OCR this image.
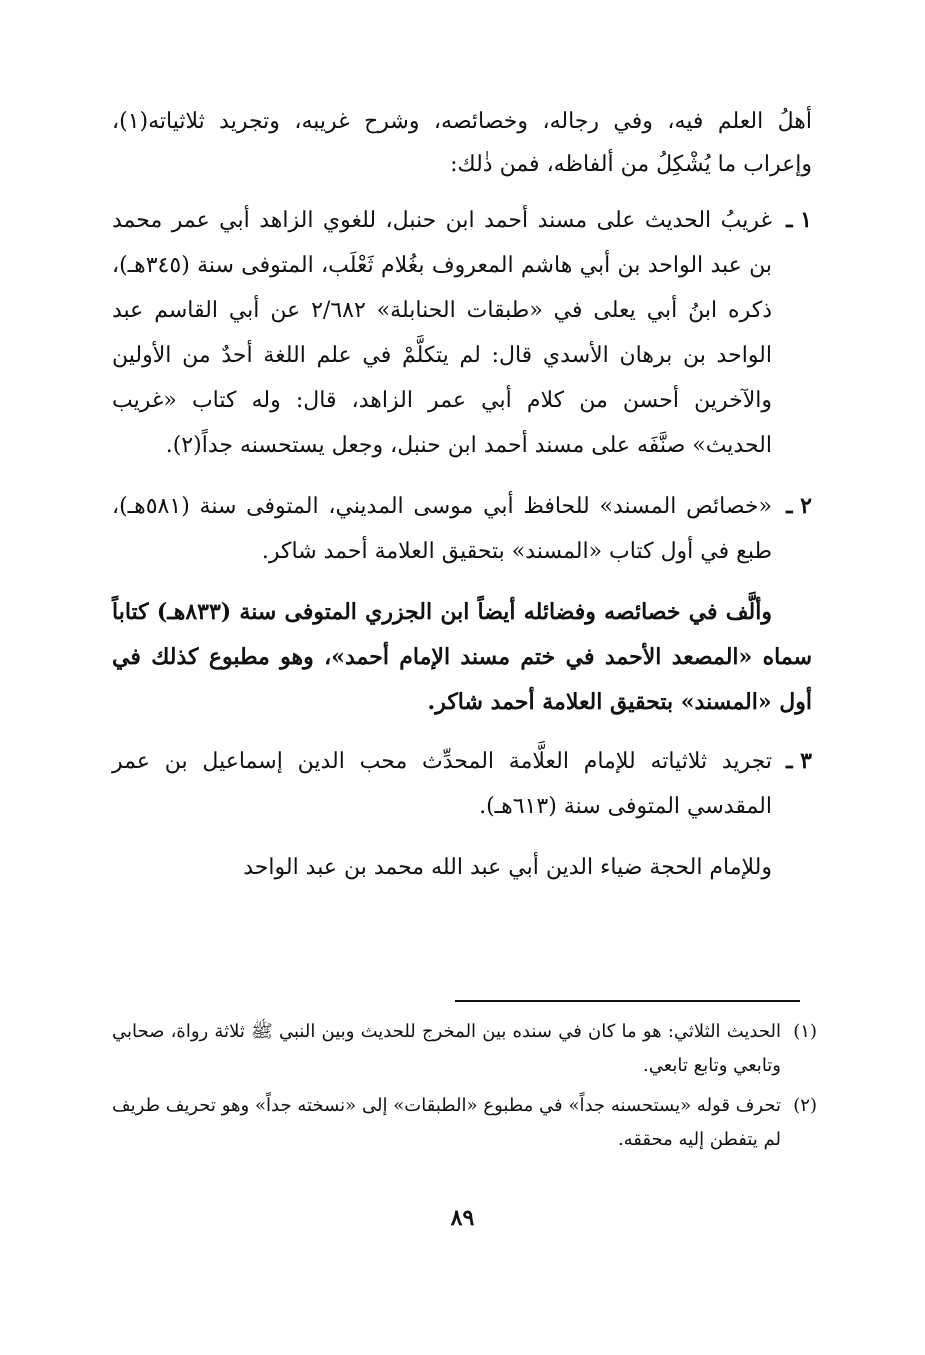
أهلُ العلم فيه، وفي رجاله، وخصائصه، وشرح غريبه، وتجريد ثلاثياته(١)، وإعراب ما يُشْكِلُ من ألفاظه، فمن ذٰلك:

١ ـ
غريبُ الحديث على مسند أحمد ابن حنبل، للغوي الزاهد أبي عمر محمد بن عبد الواحد بن أبي هاشم المعروف بغُلام ثَعْلَب، المتوفى سنة (٣٤٥هـ)، ذكره ابنُ أبي يعلى في «طبقات الحنابلة» ٢/٦٨٢ عن أبي القاسم عبد الواحد بن برهان الأسدي قال: لم يتكلَّمْ في علم اللغة أحدٌ من الأولين والآخرين أحسن من كلام أبي عمر الزاهد، قال: وله كتاب «غريب الحديث» صنَّفَه على مسند أحمد ابن حنبل، وجعل يستحسنه جداً(٢).
٢ ـ
«خصائص المسند» للحافظ أبي موسى المديني، المتوفى سنة (٥٨١هـ)، طبع في أول كتاب «المسند» بتحقيق العلامة أحمد شاكر.

وألَّف في خصائصه وفضائله أيضاً ابن الجزري المتوفى سنة (٨٣٣هـ) كتاباً سماه «المصعد الأحمد في ختم مسند الإمام أحمد»، وهو مطبوع كذلك في أول «المسند» بتحقيق العلامة أحمد شاكر.

٣ ـ
تجريد ثلاثياته للإمام العلَّامة المحدِّث محب الدين إسماعيل بن عمر المقدسي المتوفى سنة (٦١٣هـ).

وللإمام الحجة ضياء الدين أبي عبد الله محمد بن عبد الواحد

(١)
الحديث الثلاثي: هو ما كان في سنده بين المخرج للحديث وبين النبي ﷺ ثلاثة رواة، صحابي وتابعي وتابع تابعي.
(٢)
تحرف قوله «يستحسنه جداً» في مطبوع «الطبقات» إلى «نسخته جداً» وهو تحريف طريف لم يتفطن إليه محققه.
٨٩
